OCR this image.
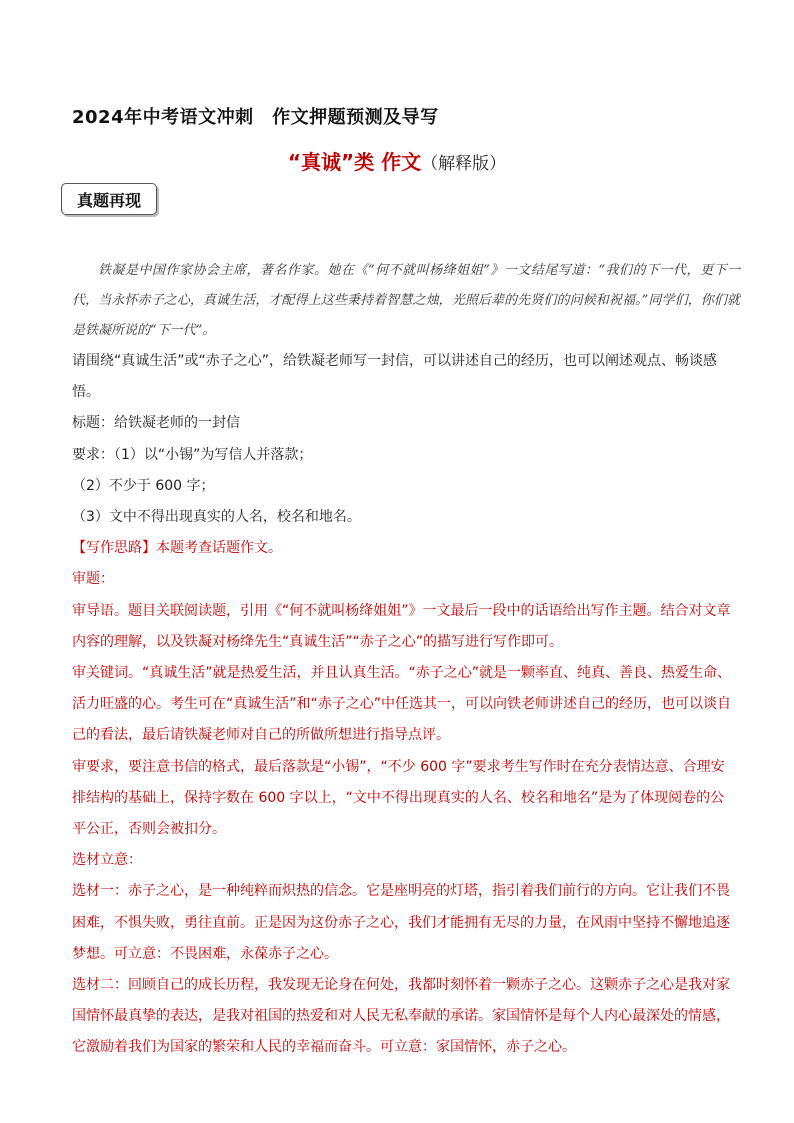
2024年中考语文冲刺　作文押题预测及导写
“真诚”类 作文（解释版）
真题再现
铁凝是中国作家协会主席，著名作家。她在《“何不就叫杨绛姐姐”》一文结尾写道：“我们的下一代，更下一代，当永怀赤子之心，真诚生活，才配得上这些秉持着智慧之烛，光照后辈的先贤们的问候和祝福。”同学们，你们就是铁凝所说的“下一代”。

请围绕“真诚生活”或“赤子之心”，给铁凝老师写一封信，可以讲述自己的经历，也可以阐述观点、畅谈感悟。

标题：给铁凝老师的一封信

要求：（1）以“小锡”为写信人并落款；

（2）不少于 600 字；

（3）文中不得出现真实的人名，校名和地名。

【写作思路】本题考查话题作文。

审题：

审导语。题目关联阅读题，引用《“何不就叫杨绛姐姐”》一文最后一段中的话语给出写作主题。结合对文章内容的理解，以及铁凝对杨绛先生“真诚生活”“赤子之心”的描写进行写作即可。

审关键词。“真诚生活”就是热爱生活，并且认真生活。“赤子之心”就是一颗率直、纯真、善良、热爱生命、活力旺盛的心。考生可在“真诚生活”和“赤子之心”中任选其一，可以向铁老师讲述自己的经历，也可以谈自己的看法，最后请铁凝老师对自己的所做所想进行指导点评。

审要求，要注意书信的格式，最后落款是“小锡”，“不少 600 字”要求考生写作时在充分表情达意、合理安排结构的基础上，保持字数在 600 字以上，“文中不得出现真实的人名、校名和地名”是为了体现阅卷的公平公正，否则会被扣分。

选材立意：

选材一：赤子之心，是一种纯粹而炽热的信念。它是座明亮的灯塔，指引着我们前行的方向。它让我们不畏困难，不惧失败，勇往直前。正是因为这份赤子之心，我们才能拥有无尽的力量，在风雨中坚持不懈地追逐梦想。可立意：不畏困难，永葆赤子之心。

选材二：回顾自己的成长历程，我发现无论身在何处，我都时刻怀着一颗赤子之心。这颗赤子之心是我对家国情怀最真挚的表达，是我对祖国的热爱和对人民无私奉献的承诺。家国情怀是每个人内心最深处的情感，它激励着我们为国家的繁荣和人民的幸福而奋斗。可立意：家国情怀，赤子之心。
